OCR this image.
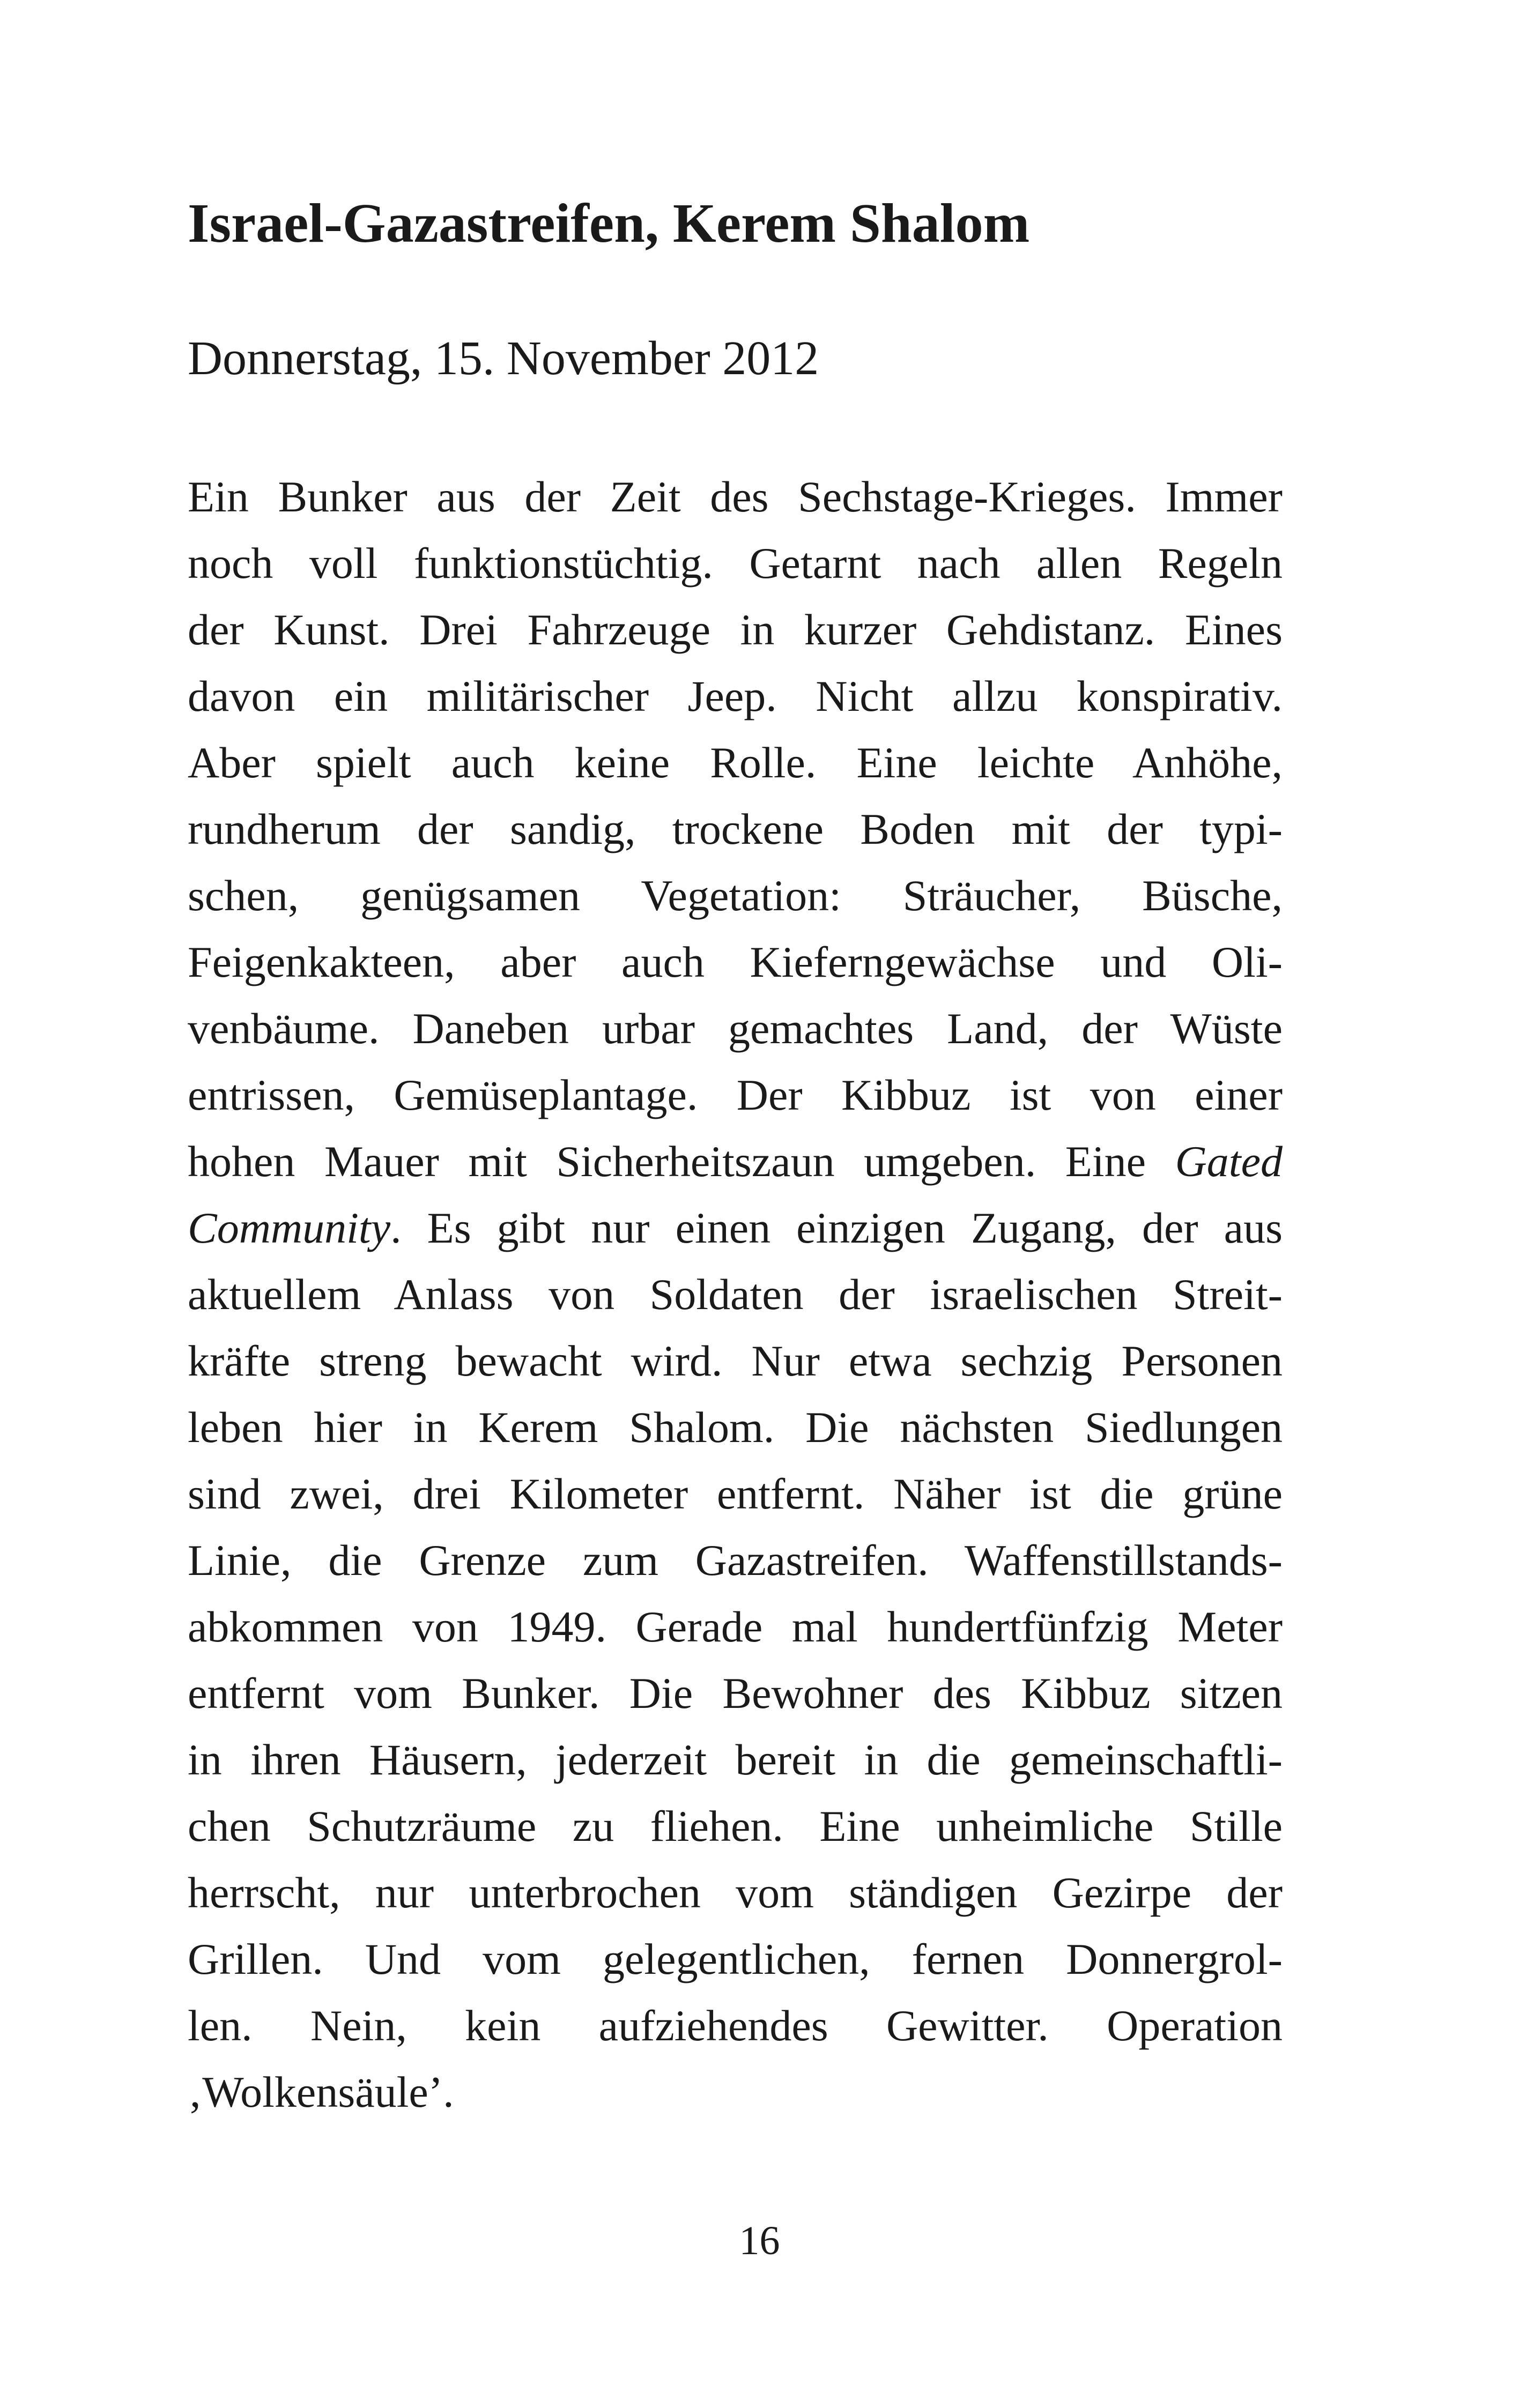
Israel-Gazastreifen, Kerem Shalom

Donnerstag, 15. November 2012

Ein Bunker aus der Zeit des Sechstage-Krieges. Immer
noch voll funktionstüchtig. Getarnt nach allen Regeln
der Kunst. Drei Fahrzeuge in kurzer Gehdistanz. Eines
davon ein militärischer Jeep. Nicht allzu konspirativ.
Aber spielt auch keine Rolle. Eine leichte Anhöhe,
rundherum der sandig, trockene Boden mit der typi-
schen, genügsamen Vegetation: Sträucher, Büsche,
Feigenkakteen, aber auch Kieferngewächse und Oli-
venbäume. Daneben urbar gemachtes Land, der Wüste
entrissen, Gemüseplantage. Der Kibbuz ist von einer
hohen Mauer mit Sicherheitszaun umgeben. Eine Gated
Community. Es gibt nur einen einzigen Zugang, der aus
aktuellem Anlass von Soldaten der israelischen Streit-
kräfte streng bewacht wird. Nur etwa sechzig Personen
leben hier in Kerem Shalom. Die nächsten Siedlungen
sind zwei, drei Kilometer entfernt. Näher ist die grüne
Linie, die Grenze zum Gazastreifen. Waffenstillstands-
abkommen von 1949. Gerade mal hundertfünfzig Meter
entfernt vom Bunker. Die Bewohner des Kibbuz sitzen
in ihren Häusern, jederzeit bereit in die gemeinschaftli-
chen Schutzräume zu fliehen. Eine unheimliche Stille
herrscht, nur unterbrochen vom ständigen Gezirpe der
Grillen. Und vom gelegentlichen, fernen Donnergrol-
len. Nein, kein aufziehendes Gewitter. Operation
‚Wolkensäule’.

16
